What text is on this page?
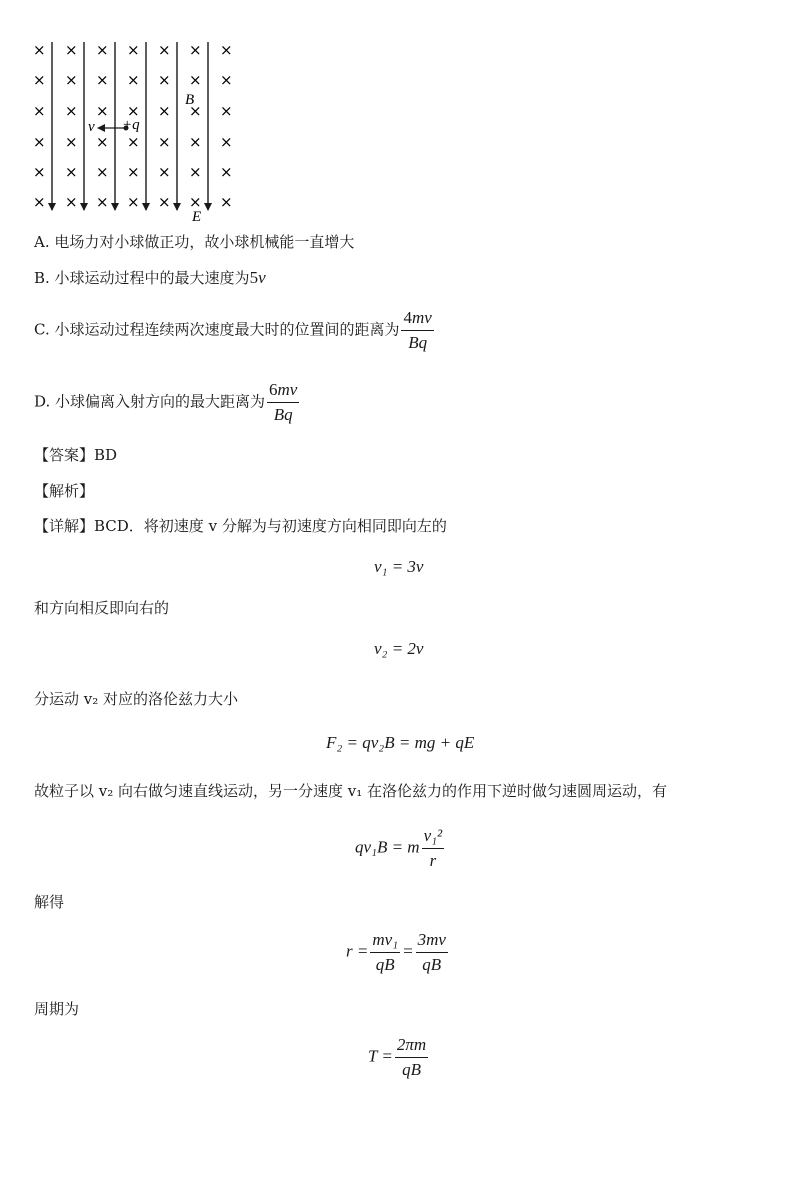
×
×
×
×
×
×
×
×
×
×
×
×
×
×
×
×
×
×
×
×
×
×
×
×
×
×
×
×
×
×
×
×
×
×
×
×
×
×
×
×
×
×
v +q
B
E
A. 电场力对小球做正功，故小球机械能一直增大
B. 小球运动过程中的最大速度为5v
C. 小球运动过程连续两次速度最大时的位置间的距离为 $\frac{4mv}{Bq}$
D. 小球偏离入射方向的最大距离为 $\frac{6mv}{Bq}$
【答案】BD
【解析】
【详解】BCD．将初速度 v 分解为与初速度方向相同即向左的
v₁ = 3v
和方向相反即向右的
v₂ = 2v
分运动 v₂ 对应的洛伦兹力大小
F₂ = qv₂B = mg + qE
故粒子以 v₂ 向右做匀速直线运动，另一分速度 v₁ 在洛伦兹力的作用下逆时做匀速圆周运动，有
qv₁B = m $\frac{\text{v₁²}}{r}$
解得
$r = \frac{\text{mv₁}}{qB} = \frac{3mv}{qB}$
周期为
$T = \frac{2\pi m}{qB}$
